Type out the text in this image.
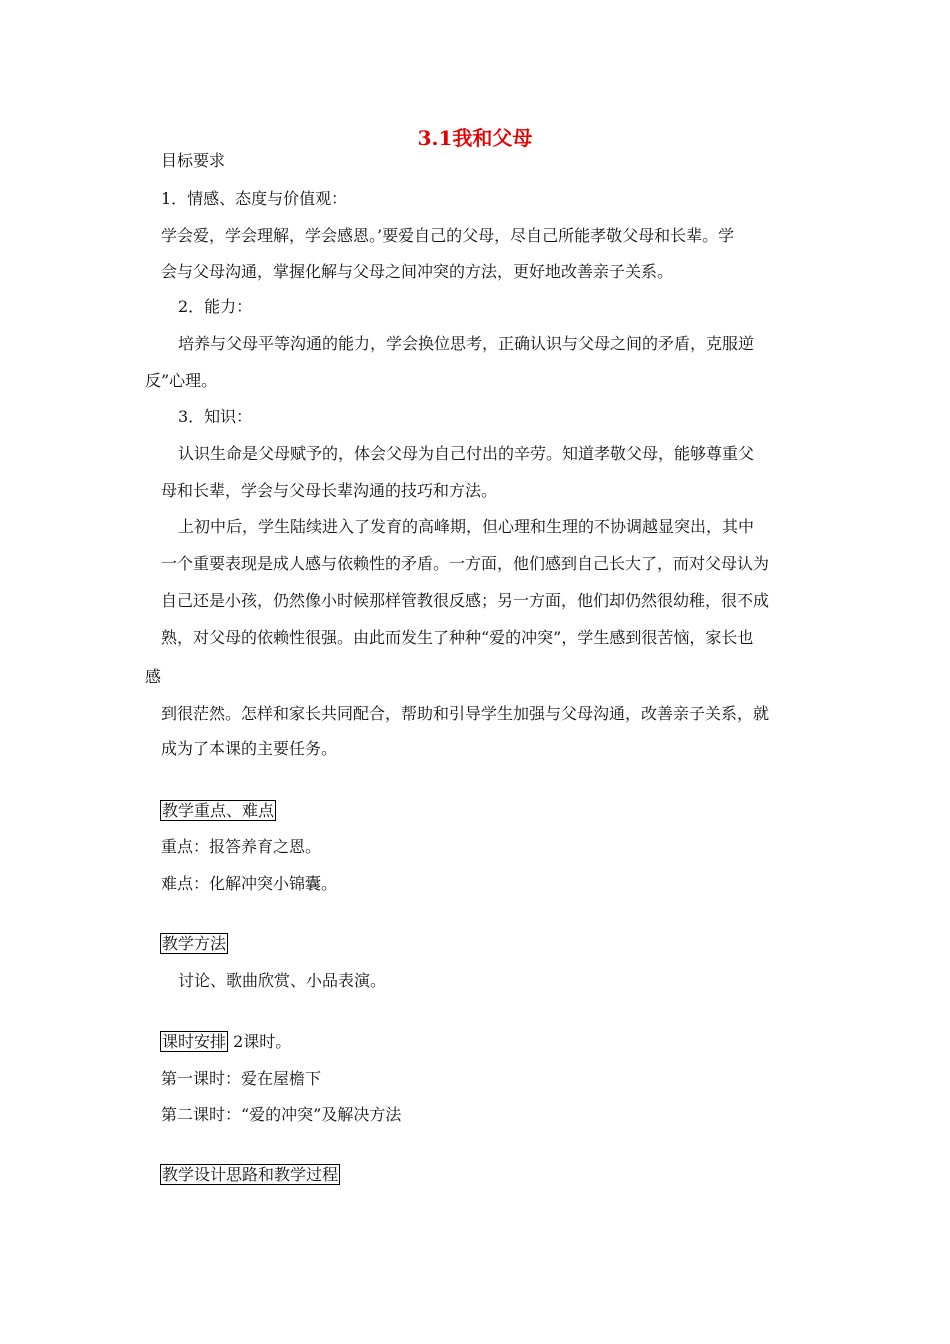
3.1我和父母
目标要求
1．情感、态度与价值观：
学会爱，学会理解，学会感恩。’要爱自己的父母，尽自己所能孝敬父母和长辈。学
会与父母沟通，掌握化解与父母之间冲突的方法，更好地改善亲子关系。
2．能力：
培养与父母平等沟通的能力，学会换位思考，正确认识与父母之间的矛盾，克服逆
反”心理。
3．知识：
认识生命是父母赋予的，体会父母为自己付出的辛劳。知道孝敬父母，能够尊重父
母和长辈，学会与父母长辈沟通的技巧和方法。
上初中后，学生陆续进入了发育的高峰期，但心理和生理的不协调越显突出，其中
一个重要表现是成人感与依赖性的矛盾。一方面，他们感到自己长大了，而对父母认为
自己还是小孩，仍然像小时候那样管教很反感；另一方面，他们却仍然很幼稚，很不成
熟，对父母的依赖性很强。由此而发生了种种“爱的冲突”，学生感到很苦恼，家长也
感
到很茫然。怎样和家长共同配合，帮助和引导学生加强与父母沟通，改善亲子关系，就
成为了本课的主要任务。
教学重点、难点
重点：报答养育之恩。
难点：化解冲突小锦囊。
教学方法
讨论、歌曲欣赏、小品表演。
课时安排 2课时。
第一课时：爱在屋檐下
第二课时：“爱的冲突”及解决方法
教学设计思路和教学过程
